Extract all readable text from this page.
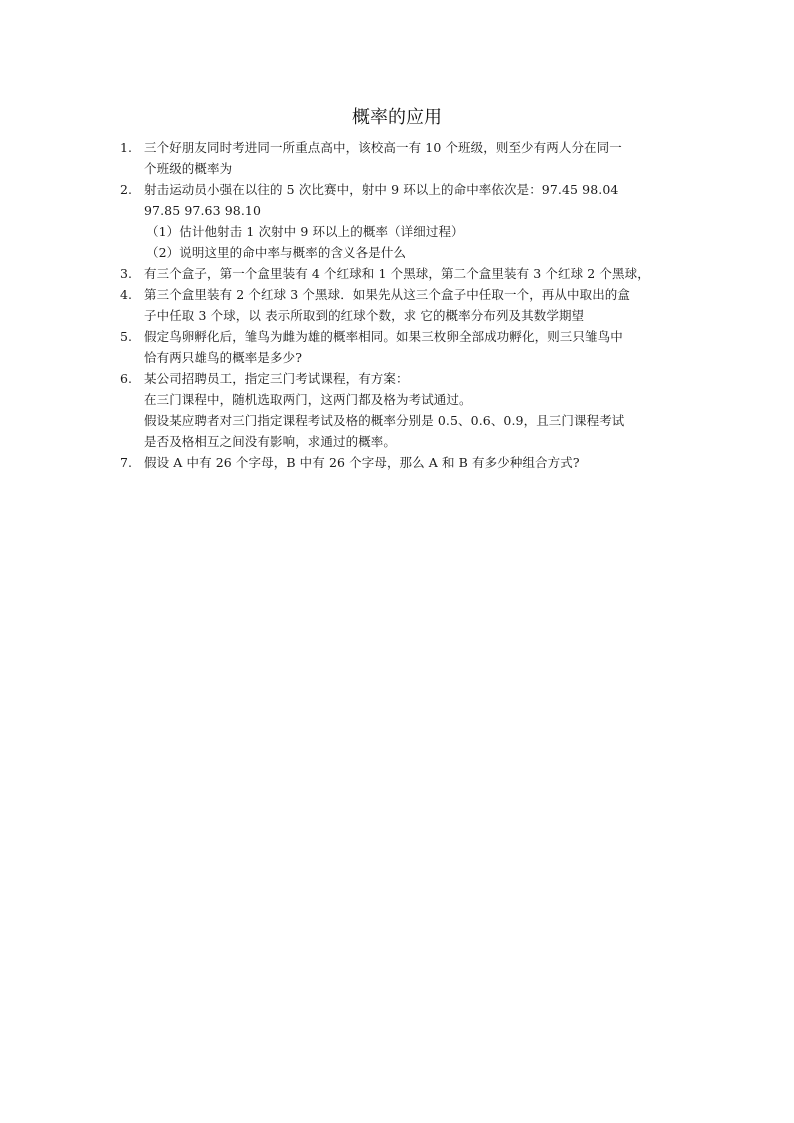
概率的应用
1. 三个好朋友同时考进同一所重点高中，该校高一有 10 个班级，则至少有两人分在同一
个班级的概率为
2. 射击运动员小强在以往的 5 次比赛中，射中 9 环以上的命中率依次是：97.45 98.04
97.85 97.63 98.10
（1）估计他射击 1 次射中 9 环以上的概率（详细过程）
（2）说明这里的命中率与概率的含义各是什么
3. 有三个盒子，第一个盒里装有 4 个红球和 1 个黑球，第二个盒里装有 3 个红球 2 个黑球，
4. 第三个盒里装有 2 个红球 3 个黑球．如果先从这三个盒子中任取一个，再从中取出的盒
子中任取 3 个球，以 表示所取到的红球个数，求 它的概率分布列及其数学期望
5. 假定鸟卵孵化后，雏鸟为雌为雄的概率相同。如果三枚卵全部成功孵化，则三只雏鸟中
恰有两只雄鸟的概率是多少?
6. 某公司招聘员工，指定三门考试课程，有方案：
在三门课程中，随机选取两门，这两门都及格为考试通过。
假设某应聘者对三门指定课程考试及格的概率分别是 0.5、0.6、0.9，且三门课程考试
是否及格相互之间没有影响，求通过的概率。
7. 假设 A 中有 26 个字母，B 中有 26 个字母，那么 A 和 B 有多少种组合方式?
